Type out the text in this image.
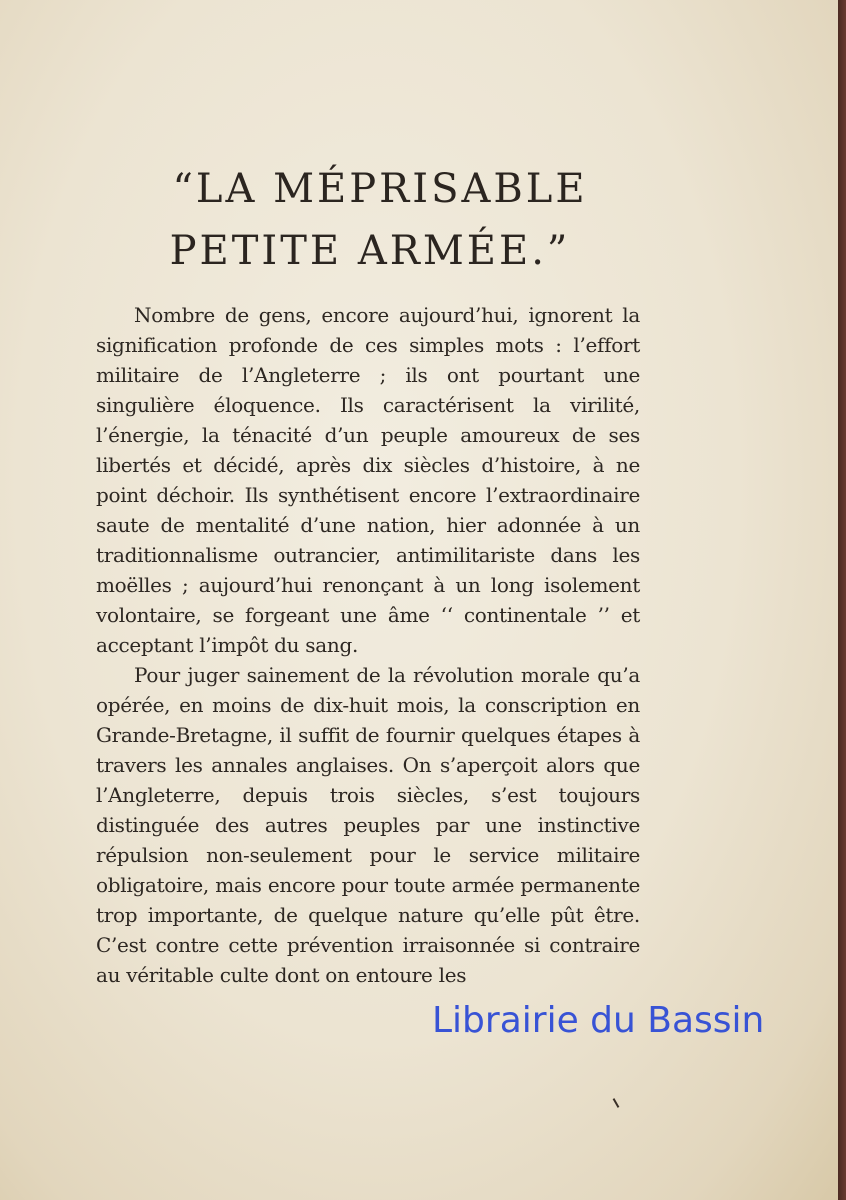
“LA MÉPRISABLE
PETITE ARMÉE.”

Nombre de gens, encore aujourd’hui, ignorent la signification profonde de ces simples mots : l’effort militaire de l’Angleterre ; ils ont pourtant une singulière éloquence. Ils caractérisent la virilité, l’énergie, la ténacité d’un peuple amoureux de ses libertés et décidé, après dix siècles d’histoire, à ne point déchoir. Ils synthétisent encore l’extraordinaire saute de mentalité d’une nation, hier adonnée à un traditionnalisme outrancier, antimilitariste dans les moëlles ; aujourd’hui renonçant à un long isolement volontaire, se forgeant une âme ‘‘ continentale ’’ et acceptant l’impôt du sang.

Pour juger sainement de la révolution morale qu’a opérée, en moins de dix-huit mois, la conscription en Grande-Bretagne, il suffit de fournir quelques étapes à travers les annales anglaises. On s’aperçoit alors que l’Angleterre, depuis trois siècles, s’est toujours distinguée des autres peuples par une instinctive répulsion non-seulement pour le service militaire obligatoire, mais encore pour toute armée permanente trop importante, de quelque nature qu’elle pût être. C’est contre cette prévention irraisonnée si contraire au véritable culte dont on entoure les

Librairie du Bassin
